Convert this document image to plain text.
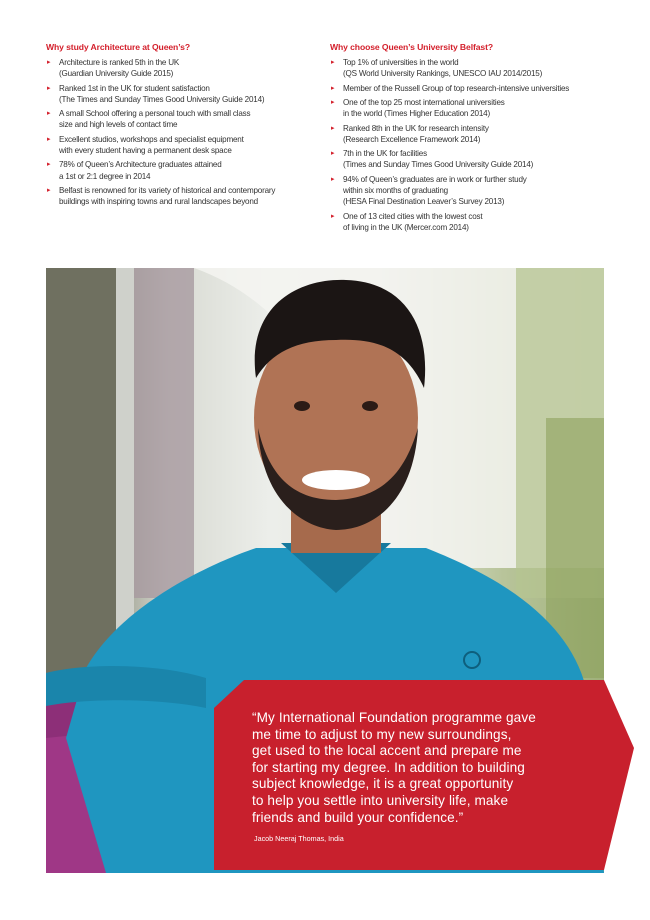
Why study Architecture at Queen’s?
▸ Architecture is ranked 5th in the UK
(Guardian University Guide 2015)
▸ Ranked 1st in the UK for student satisfaction
(The Times and Sunday Times Good University Guide 2014)
▸ A small School offering a personal touch with small class
size and high levels of contact time
▸ Excellent studios, workshops and specialist equipment
with every student having a permanent desk space
▸ 78% of Queen’s Architecture graduates attained
a 1st or 2:1 degree in 2014
▸ Belfast is renowned for its variety of historical and contemporary
buildings with inspiring towns and rural landscapes beyond
Why choose Queen’s University Belfast?
▸ Top 1% of universities in the world
(QS World University Rankings, UNESCO IAU 2014/2015)
▸ Member of the Russell Group of top research-intensive universities
▸ One of the top 25 most international universities
in the world (Times Higher Education 2014)
▸ Ranked 8th in the UK for research intensity
(Research Excellence Framework 2014)
▸ 7th in the UK for facilities
(Times and Sunday Times Good University Guide 2014)
▸ 94% of Queen’s graduates are in work or further study
within six months of graduating
(HESA Final Destination Leaver’s Survey 2013)
▸ One of 13 cited cities with the lowest cost
of living in the UK (Mercer.com 2014)
“My International Foundation programme gave
me time to adjust to my new surroundings,
get used to the local accent and prepare me
for starting my degree. In addition to building
subject knowledge, it is a great opportunity
to help you settle into university life, make
friends and build your confidence.”
Jacob Neeraj Thomas, India
